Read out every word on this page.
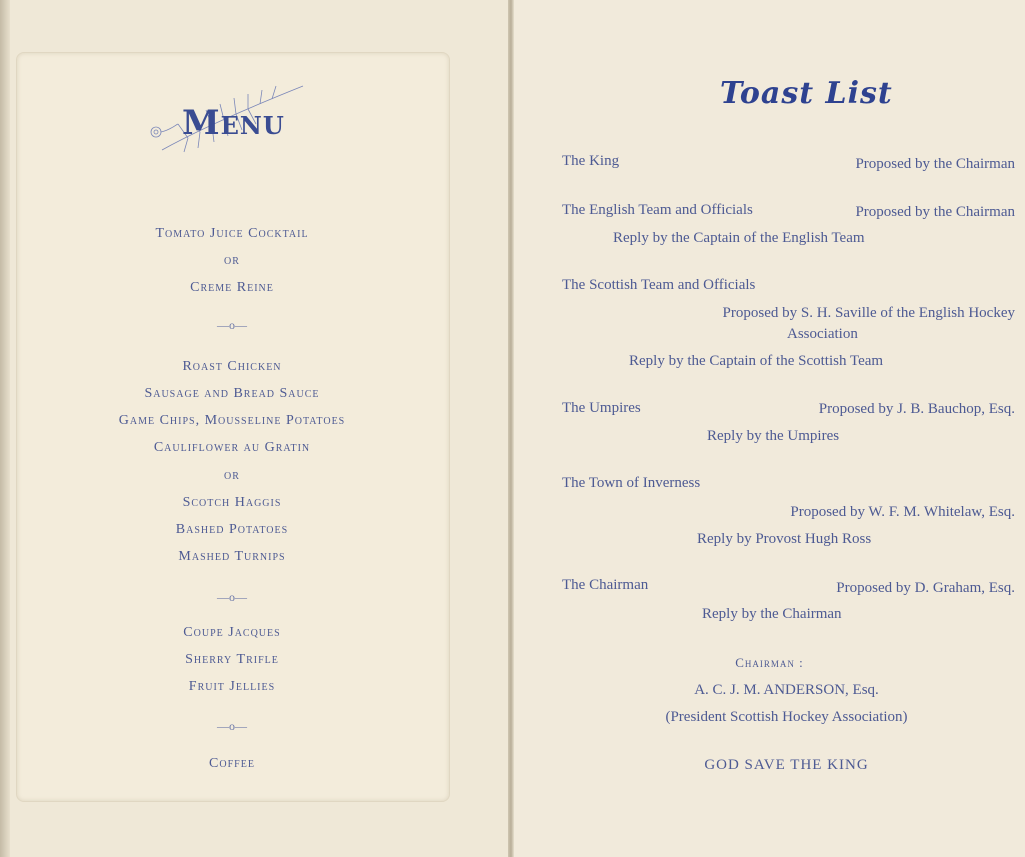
Menu
Tomato Juice Cocktail
or
Creme Reine
—o—
Roast Chicken
Sausage and Bread Sauce
Game Chips, Mousseline Potatoes
Cauliflower au Gratin
or
Scotch Haggis
Bashed Potatoes
Mashed Turnips
—o—
Coupe Jacques
Sherry Trifle
Fruit Jellies
—o—
Coffee
Toast List
The King	Proposed by the Chairman
The English Team and Officials	Proposed by the Chairman
Reply by the Captain of the English Team
The Scottish Team and Officials
Proposed by S. H. Saville of the English Hockey
Association
Reply by the Captain of the Scottish Team
The Umpires	Proposed by J. B. Bauchop, Esq.
Reply by the Umpires
The Town of Inverness
Proposed by W. F. M. Whitelaw, Esq.
Reply by Provost Hugh Ross
The Chairman	Proposed by D. Graham, Esq.
Reply by the Chairman
Chairman :
A. C. J. M. ANDERSON, Esq.
(President Scottish Hockey Association)
GOD SAVE THE KING
